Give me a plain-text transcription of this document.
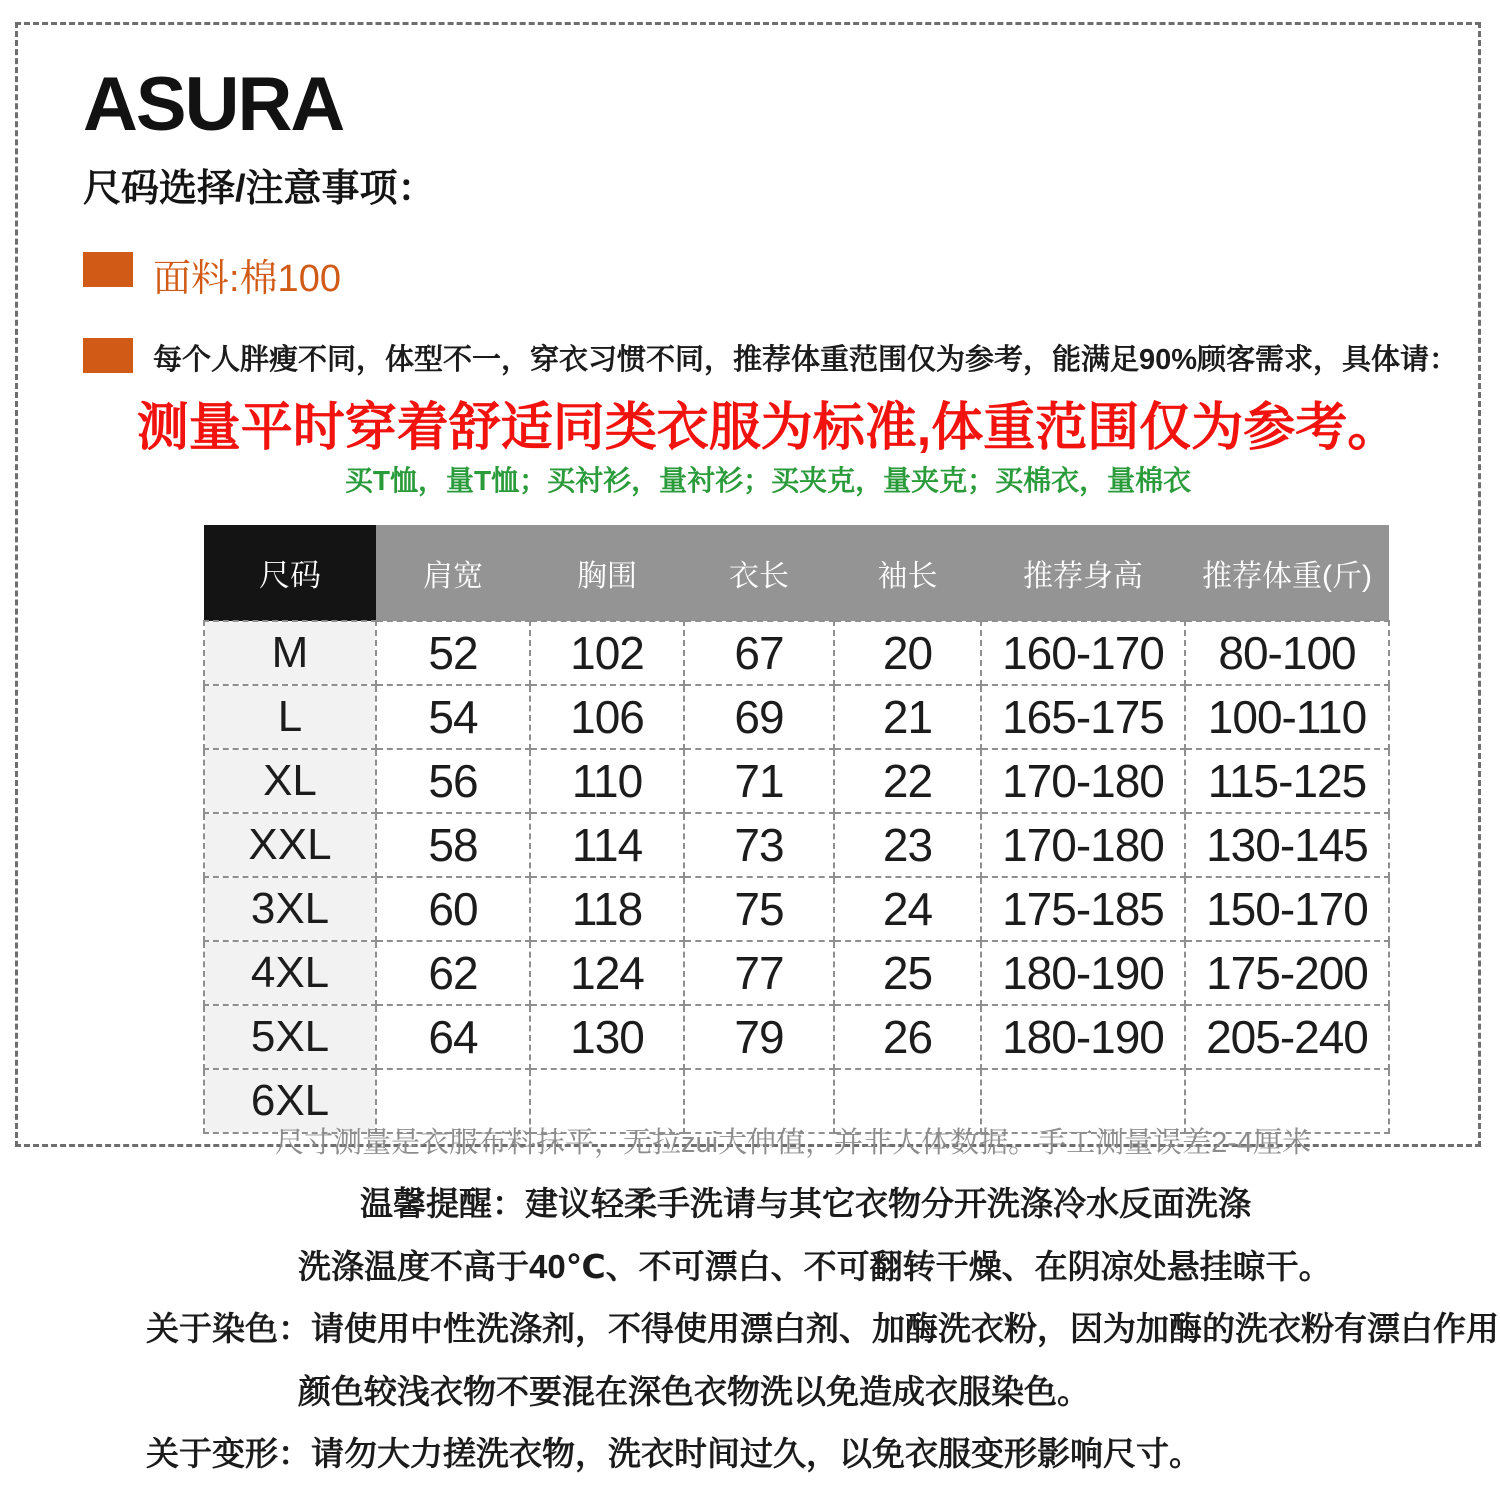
ASURA
尺码选择/注意事项：
面料:棉100
每个人胖瘦不同，体型不一，穿衣习惯不同，推荐体重范围仅为参考，能满足90%顾客需求，具体请：
测量平时穿着舒适同类衣服为标准,体重范围仅为参考。
买T恤，量T恤；买衬衫，量衬衫；买夹克，量夹克；买棉衣，量棉衣
尺码	肩宽	胸围	衣长	袖长	推荐身高	推荐体重(斤)
M	52	102	67	20	160-170	80-100
L	54	106	69	21	165-175	100-110
XL	56	110	71	22	170-180	115-125
XXL	58	114	73	23	170-180	130-145
3XL	60	118	75	24	175-185	150-170
4XL	62	124	77	25	180-190	175-200
5XL	64	130	79	26	180-190	205-240
6XL						
尺寸测量是衣服布料抹平，无拉zui大伸值，并非人体数据。手工测量误差2-4厘米
温馨提醒：建议轻柔手洗请与其它衣物分开洗涤冷水反面洗涤
洗涤温度不高于40℃、不可漂白、不可翻转干燥、在阴凉处悬挂晾干。
关于染色：请使用中性洗涤剂，不得使用漂白剂、加酶洗衣粉，因为加酶的洗衣粉有漂白作用
颜色较浅衣物不要混在深色衣物洗以免造成衣服染色。
关于变形：请勿大力搓洗衣物，洗衣时间过久，以免衣服变形影响尺寸。
